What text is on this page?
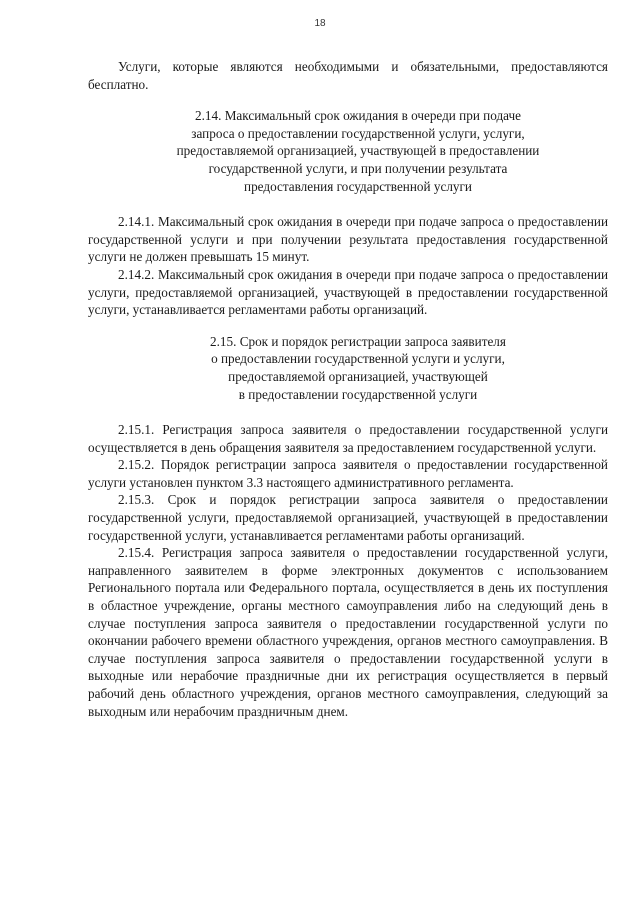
18

Услуги, которые являются необходимыми и обязательными, предоставляются бесплатно.

2.14. Максимальный срок ожидания в очереди при подаче
запроса о предоставлении государственной услуги, услуги,
предоставляемой организацией, участвующей в предоставлении
государственной услуги, и при получении результата
предоставления государственной услуги

2.14.1. Максимальный срок ожидания в очереди при подаче запроса о предоставлении государственной услуги и при получении результата предоставления государственной услуги не должен превышать 15 минут.

2.14.2. Максимальный срок ожидания в очереди при подаче запроса о предоставлении услуги, предоставляемой организацией, участвующей в предоставлении государственной услуги, устанавливается регламентами работы организаций.

2.15. Срок и порядок регистрации запроса заявителя
о предоставлении государственной услуги и услуги,
предоставляемой организацией, участвующей
в предоставлении государственной услуги

2.15.1. Регистрация запроса заявителя о предоставлении государственной услуги осуществляется в день обращения заявителя за предоставлением государственной услуги.

2.15.2. Порядок регистрации запроса заявителя о предоставлении государственной услуги установлен пунктом 3.3 настоящего административного регламента.

2.15.3. Срок и порядок регистрации запроса заявителя о предоставлении государственной услуги, предоставляемой организацией, участвующей в предоставлении государственной услуги, устанавливается регламентами работы организаций.

2.15.4. Регистрация запроса заявителя о предоставлении государственной услуги, направленного заявителем в форме электронных документов с использованием Регионального портала или Федерального портала, осуществляется в день их поступления в областное учреждение, органы местного самоуправления либо на следующий день в случае поступления запроса заявителя о предоставлении государственной услуги по окончании рабочего времени областного учреждения, органов местного самоуправления. В случае поступления запроса заявителя о предоставлении государственной услуги в выходные или нерабочие праздничные дни их регистрация осуществляется в первый рабочий день областного учреждения, органов местного самоуправления, следующий за выходным или нерабочим праздничным днем.
